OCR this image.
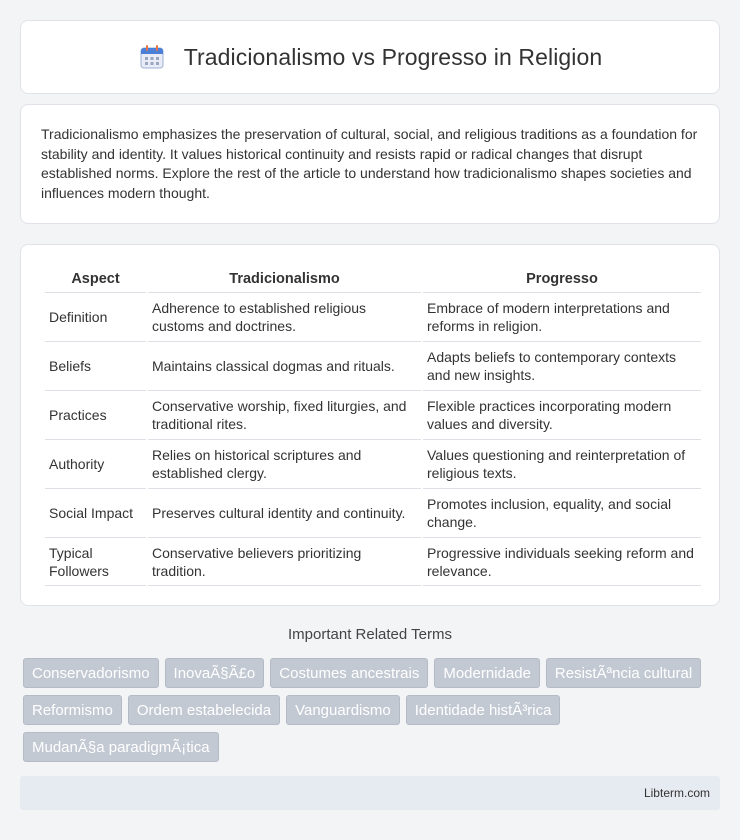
Tradicionalismo vs Progresso in Religion

Tradicionalismo emphasizes the preservation of cultural, social, and religious traditions as a foundation for stability and identity. It values historical continuity and resists rapid or radical changes that disrupt established norms. Explore the rest of the article to understand how tradicionalismo shapes societies and influences modern thought.

Aspect	Tradicionalismo	Progresso
Definition	Adherence to established religious customs and doctrines.	Embrace of modern interpretations and reforms in religion.
Beliefs	Maintains classical dogmas and rituals.	Adapts beliefs to contemporary contexts and new insights.
Practices	Conservative worship, fixed liturgies, and traditional rites.	Flexible practices incorporating modern values and diversity.
Authority	Relies on historical scriptures and established clergy.	Values questioning and reinterpretation of religious texts.
Social Impact	Preserves cultural identity and continuity.	Promotes inclusion, equality, and social change.
Typical Followers	Conservative believers prioritizing tradition.	Progressive individuals seeking reform and relevance.
Important Related Terms
Conservadorismo	InovaÃ§Ã£o	Costumes ancestrais	Modernidade	ResistÃªncia cultural
Reformismo	Ordem estabelecida	Vanguardismo	Identidade histÃ³rica
MudanÃ§a paradigmÃ¡tica
Libterm.com
